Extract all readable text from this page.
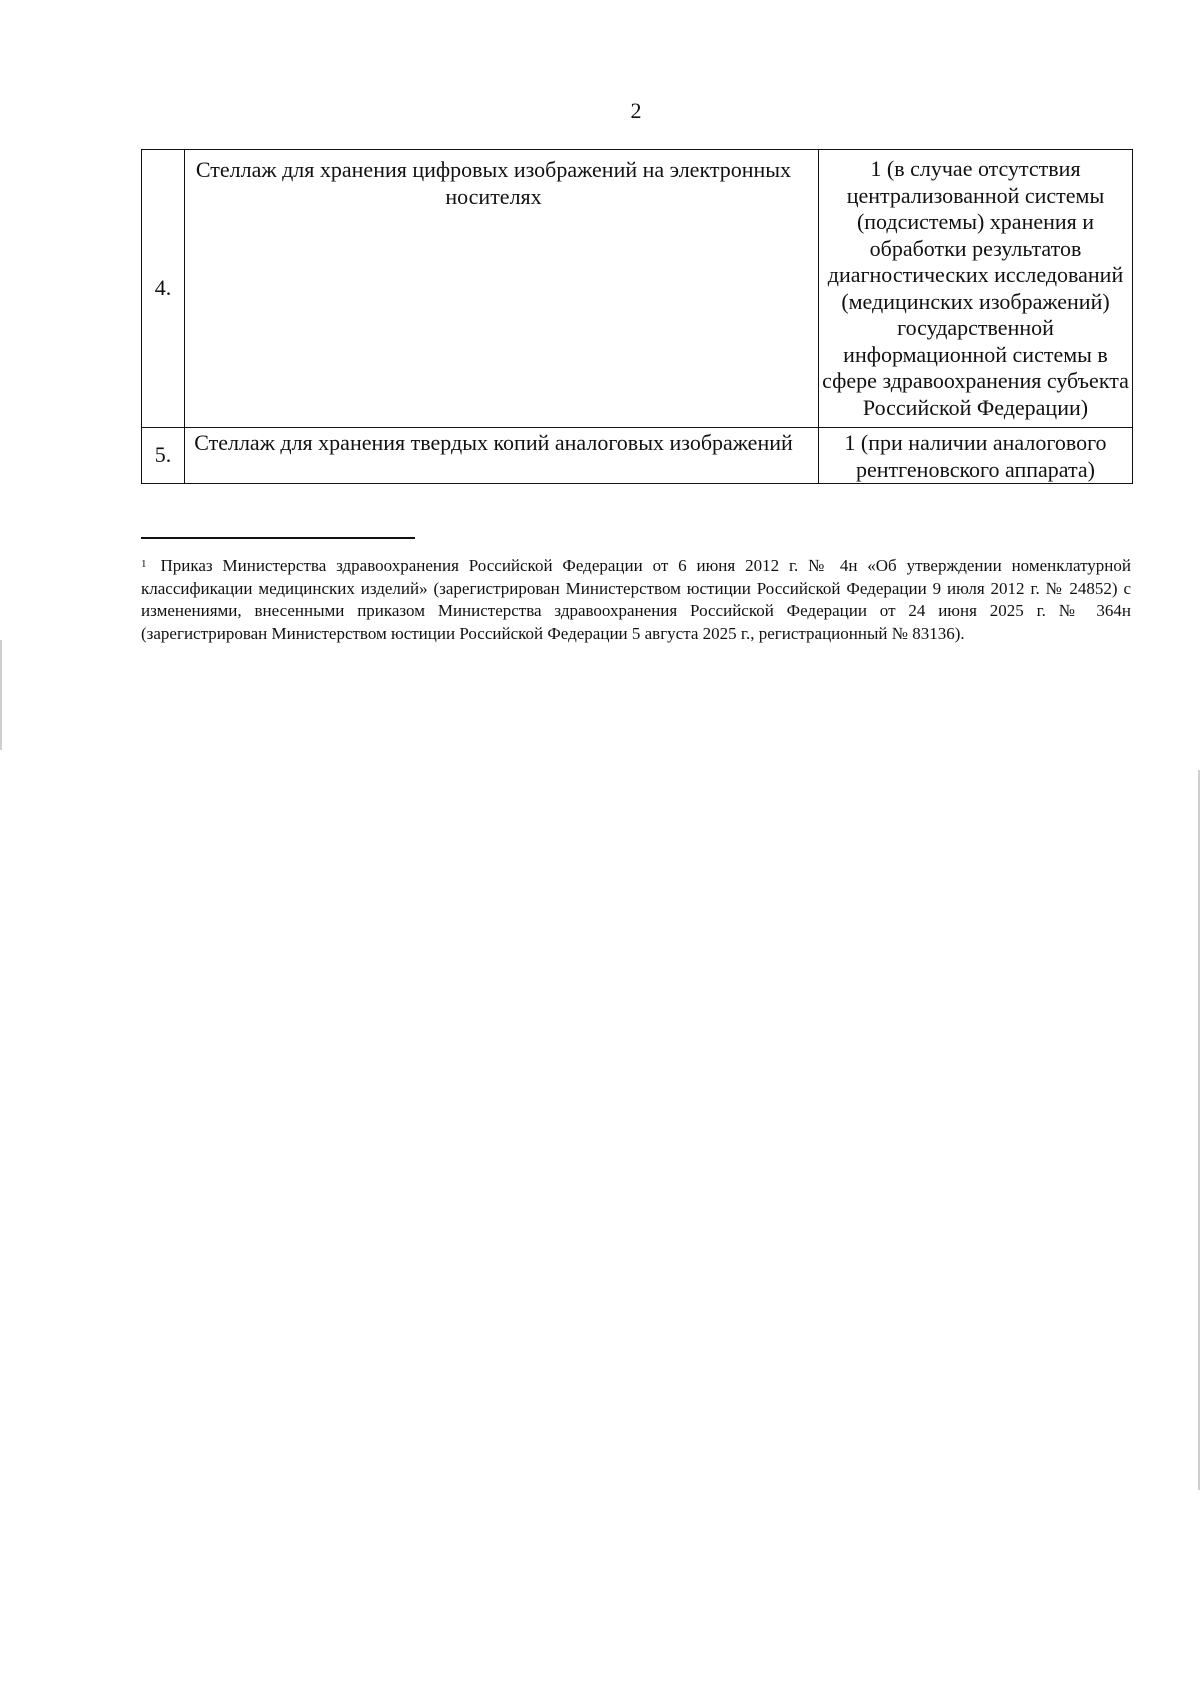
2
4.	Стеллаж для хранения цифровых изображений на электронных носителях	1 (в случае отсутствия централизованной системы (подсистемы) хранения и обработки результатов диагностических исследований (медицинских изображений) государственной информационной системы в сфере здравоохранения субъекта Российской Федерации)
5.	Стеллаж для хранения твердых копий аналоговых изображений	1 (при наличии аналогового рентгеновского аппарата)
$^1$ Приказ Министерства здравоохранения Российской Федерации от 6 июня 2012 г. № 4н «Об утверждении номенклатурной классификации медицинских изделий» (зарегистрирован Министерством юстиции Российской Федерации 9 июля 2012 г. № 24852) с изменениями, внесенными приказом Министерства здравоохранения Российской Федерации от 24 июня 2025 г. № 364н (зарегистрирован Министерством юстиции Российской Федерации 5 августа 2025 г., регистрационный № 83136).
